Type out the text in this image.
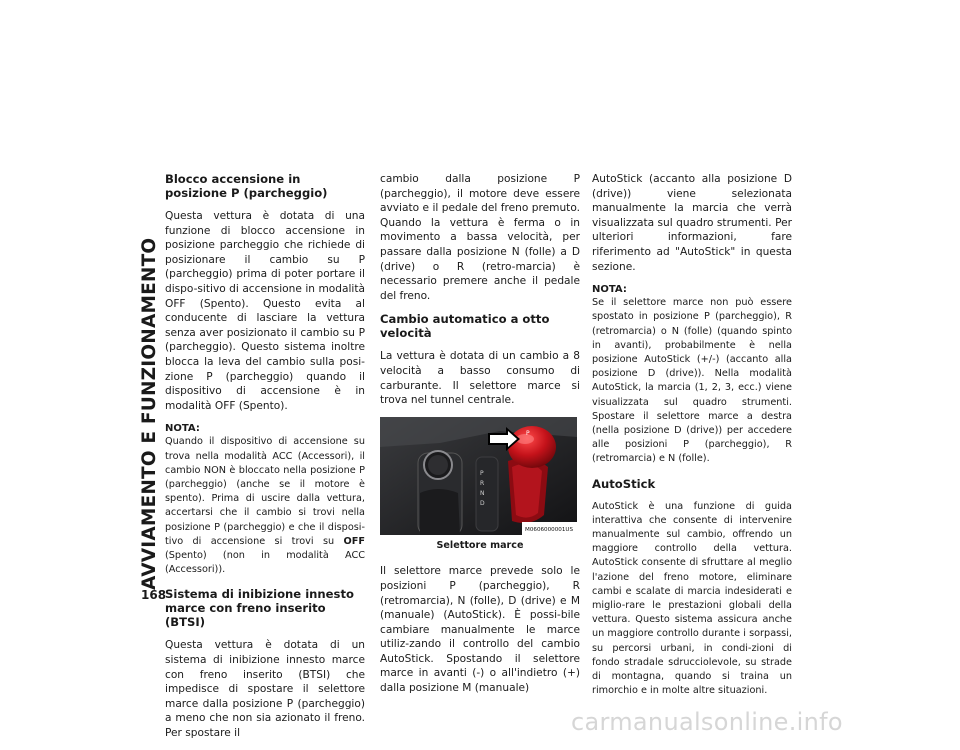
AVVIAMENTO E FUNZIONAMENTO
168
Blocco accensione in posizione P (parcheggio)

Questa vettura è dotata di una funzione di blocco accensione in posizione parcheggio che richiede di posizionare il cambio su P (parcheggio) prima di poter portare il dispo-sitivo di accensione in modalità OFF (Spento). Questo evita al conducente di lasciare la vettura senza aver posizionato il cambio su P (parcheggio). Questo sistema inoltre blocca la leva del cambio sulla posi-zione P (parcheggio) quando il dispositivo di accensione è in modalità OFF (Spento).

NOTA:

Quando il dispositivo di accensione su trova nella modalità ACC (Accessori), il cambio NON è bloccato nella posizione P (parcheggio) (anche se il motore è spento). Prima di uscire dalla vettura, accertarsi che il cambio si trovi nella posizione P (parcheggio) e che il disposi-tivo di accensione si trovi su OFF (Spento) (non in modalità ACC (Accessori)).

Sistema di inibizione innesto marce con freno inserito (BTSI)

Questa vettura è dotata di un sistema di inibizione innesto marce con freno inserito (BTSI) che impedisce di spostare il selettore marce dalla posizione P (parcheggio) a meno che non sia azionato il freno. Per spostare il

cambio dalla posizione P (parcheggio), il motore deve essere avviato e il pedale del freno premuto. Quando la vettura è ferma o in movimento a bassa velocità, per passare dalla posizione N (folle) a D (drive) o R (retro-marcia) è necessario premere anche il pedale del freno.

Cambio automatico a otto velocità

La vettura è dotata di un cambio a 8 velocità a basso consumo di carburante. Il selettore marce si trova nel tunnel centrale.

P
R
N
D
P
M0606000001US
Selettore marce

Il selettore marce prevede solo le posizioni P (parcheggio), R (retromarcia), N (folle), D (drive) e M (manuale) (AutoStick). È possi-bile cambiare manualmente le marce utiliz-zando il controllo del cambio AutoStick. Spostando il selettore marce in avanti (-) o all'indietro (+) dalla posizione M (manuale)

AutoStick (accanto alla posizione D (drive)) viene selezionata manualmente la marcia che verrà visualizzata sul quadro strumenti. Per ulteriori informazioni, fare riferimento ad "AutoStick" in questa sezione.

NOTA:

Se il selettore marce non può essere spostato in posizione P (parcheggio), R (retromarcia) o N (folle) (quando spinto in avanti), probabilmente è nella posizione AutoStick (+/-) (accanto alla posizione D (drive)). Nella modalità AutoStick, la marcia (1, 2, 3, ecc.) viene visualizzata sul quadro strumenti. Spostare il selettore marce a destra (nella posizione D (drive)) per accedere alle posizioni P (parcheggio), R (retromarcia) e N (folle).

AutoStick

AutoStick è una funzione di guida interattiva che consente di intervenire manualmente sul cambio, offrendo un maggiore controllo della vettura. AutoStick consente di sfruttare al meglio l'azione del freno motore, eliminare cambi e scalate di marcia indesiderati e miglio-rare le prestazioni globali della vettura. Questo sistema assicura anche un maggiore controllo durante i sorpassi, su percorsi urbani, in condi-zioni di fondo stradale sdrucciolevole, su strade di montagna, quando si traina un rimorchio e in molte altre situazioni.

carmanualsonline.info
